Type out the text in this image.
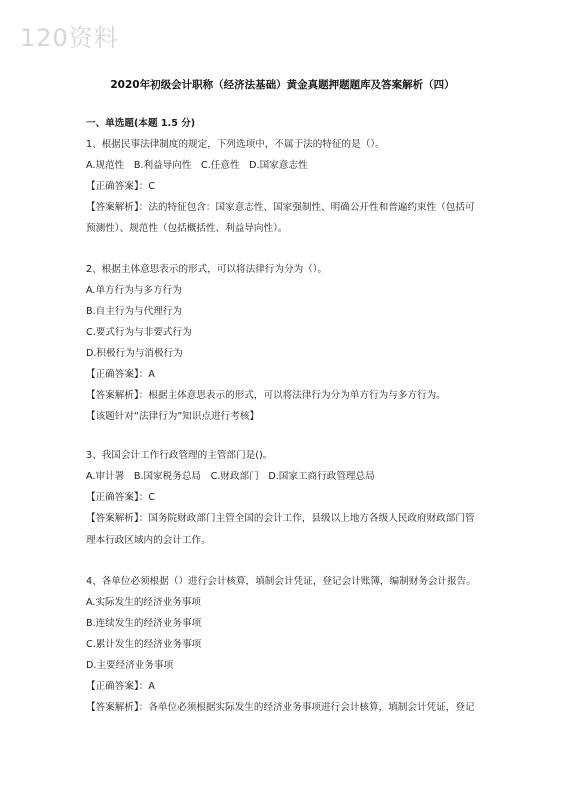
120资料
2020年初级会计职称（经济法基础）黄金真题押题题库及答案解析（四）
一、单选题(本题 1.5 分)
1、根据民事法律制度的规定，下列选项中，不属于法的特征的是（）。
A.规范性　B.利益导向性　C.任意性　D.国家意志性
【正确答案】：C
【答案解析】：法的特征包含：国家意志性、国家强制性、明确公开性和普遍约束性（包括可
预测性）、规范性（包括概括性、利益导向性）。
2、根据主体意思表示的形式，可以将法律行为分为（）。
A.单方行为与多方行为
B.自主行为与代理行为
C.要式行为与非要式行为
D.积极行为与消极行为
【正确答案】：A
【答案解析】：根据主体意思表示的形式，可以将法律行为分为单方行为与多方行为。
【该题针对“法律行为”知识点进行考核】
3、我国会计工作行政管理的主管部门是()。
A.审计署　B.国家税务总局　C.财政部门　D.国家工商行政管理总局
【正确答案】：C
【答案解析】：国务院财政部门主管全国的会计工作，县级以上地方各级人民政府财政部门管
理本行政区域内的会计工作。
4、各单位必须根据（）进行会计核算，填制会计凭证，登记会计账簿，编制财务会计报告。
A.实际发生的经济业务事项
B.连续发生的经济业务事项
C.累计发生的经济业务事项
D.主要经济业务事项
【正确答案】：A
【答案解析】：各单位必须根据实际发生的经济业务事项进行会计核算，填制会计凭证，登记
